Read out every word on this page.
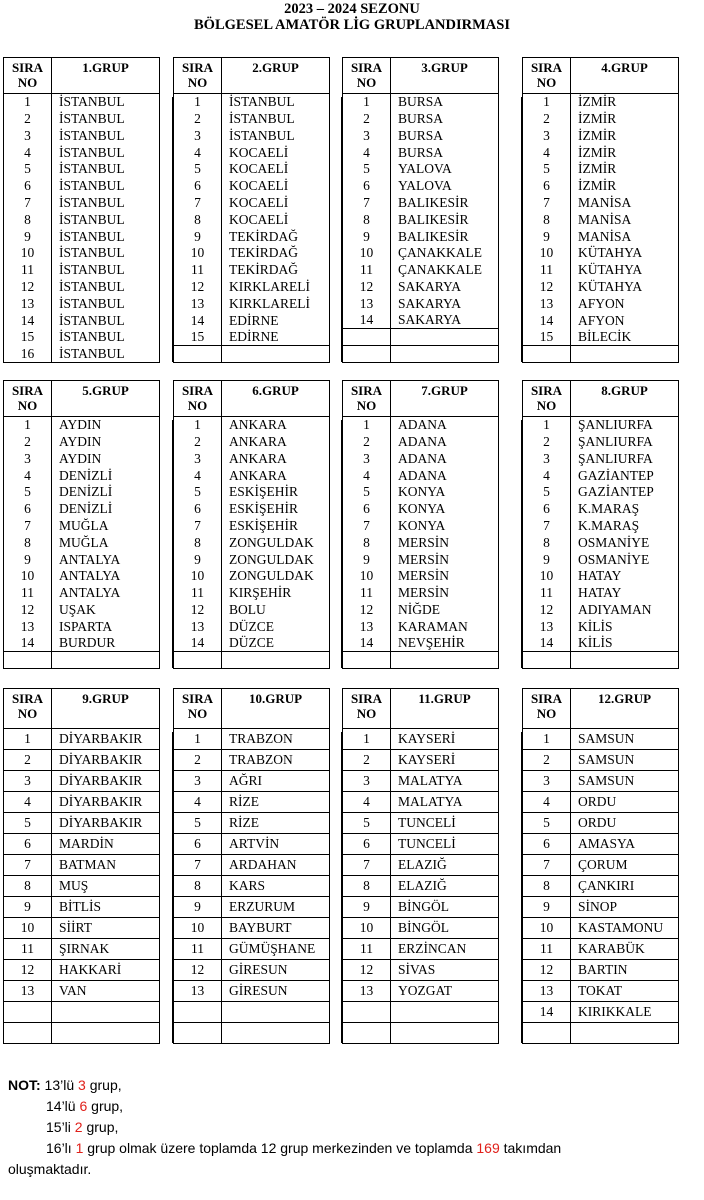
2023 – 2024 SEZONU
BÖLGESEL AMATÖR LİG GRUPLANDIRMASI
SIRA
NO	1.GRUP
1	İSTANBUL
2	İSTANBUL
3	İSTANBUL
4	İSTANBUL
5	İSTANBUL
6	İSTANBUL
7	İSTANBUL
8	İSTANBUL
9	İSTANBUL
10	İSTANBUL
11	İSTANBUL
12	İSTANBUL
13	İSTANBUL
14	İSTANBUL
15	İSTANBUL
16	İSTANBUL
SIRA
NO	2.GRUP
1	İSTANBUL
2	İSTANBUL
3	İSTANBUL
4	KOCAELİ
5	KOCAELİ
6	KOCAELİ
7	KOCAELİ
8	KOCAELİ
9	TEKİRDAĞ
10	TEKİRDAĞ
11	TEKİRDAĞ
12	KIRKLARELİ
13	KIRKLARELİ
14	EDİRNE
15	EDİRNE

SIRA
NO	3.GRUP
1	BURSA
2	BURSA
3	BURSA
4	BURSA
5	YALOVA
6	YALOVA
7	BALIKESİR
8	BALIKESİR
9	BALIKESİR
10	ÇANAKKALE
11	ÇANAKKALE
12	SAKARYA
13	SAKARYA
14	SAKARYA

SIRA
NO	4.GRUP
1	İZMİR
2	İZMİR
3	İZMİR
4	İZMİR
5	İZMİR
6	İZMİR
7	MANİSA
8	MANİSA
9	MANİSA
10	KÜTAHYA
11	KÜTAHYA
12	KÜTAHYA
13	AFYON
14	AFYON
15	BİLECİK

SIRA
NO	5.GRUP
1	AYDIN
2	AYDIN
3	AYDIN
4	DENİZLİ
5	DENİZLİ
6	DENİZLİ
7	MUĞLA
8	MUĞLA
9	ANTALYA
10	ANTALYA
11	ANTALYA
12	UŞAK
13	ISPARTA
14	BURDUR

SIRA
NO	6.GRUP
1	ANKARA
2	ANKARA
3	ANKARA
4	ANKARA
5	ESKİŞEHİR
6	ESKİŞEHİR
7	ESKİŞEHİR
8	ZONGULDAK
9	ZONGULDAK
10	ZONGULDAK
11	KIRŞEHİR
12	BOLU
13	DÜZCE
14	DÜZCE

SIRA
NO	7.GRUP
1	ADANA
2	ADANA
3	ADANA
4	ADANA
5	KONYA
6	KONYA
7	KONYA
8	MERSİN
9	MERSİN
10	MERSİN
11	MERSİN
12	NİĞDE
13	KARAMAN
14	NEVŞEHİR

SIRA
NO	8.GRUP
1	ŞANLIURFA
2	ŞANLIURFA
3	ŞANLIURFA
4	GAZİANTEP
5	GAZİANTEP
6	K.MARAŞ
7	K.MARAŞ
8	OSMANİYE
9	OSMANİYE
10	HATAY
11	HATAY
12	ADIYAMAN
13	KİLİS
14	KİLİS

SIRA
NO	9.GRUP
1	DİYARBAKIR
2	DİYARBAKIR
3	DİYARBAKIR
4	DİYARBAKIR
5	DİYARBAKIR
6	MARDİN
7	BATMAN
8	MUŞ
9	BİTLİS
10	SİİRT
11	ŞIRNAK
12	HAKKARİ
13	VAN

SIRA
NO	10.GRUP
1	TRABZON
2	TRABZON
3	AĞRI
4	RİZE
5	RİZE
6	ARTVİN
7	ARDAHAN
8	KARS
9	ERZURUM
10	BAYBURT
11	GÜMÜŞHANE
12	GİRESUN
13	GİRESUN

SIRA
NO	11.GRUP
1	KAYSERİ
2	KAYSERİ
3	MALATYA
4	MALATYA
5	TUNCELİ
6	TUNCELİ
7	ELAZIĞ
8	ELAZIĞ
9	BİNGÖL
10	BİNGÖL
11	ERZİNCAN
12	SİVAS
13	YOZGAT

SIRA
NO	12.GRUP
1	SAMSUN
2	SAMSUN
3	SAMSUN
4	ORDU
5	ORDU
6	AMASYA
7	ÇORUM
8	ÇANKIRI
9	SİNOP
10	KASTAMONU
11	KARABÜK
12	BARTIN
13	TOKAT
14	KIRIKKALE

NOT: 13’lü 3 grup,
14’lü 6 grup,
15’li 2 grup,
16’lı 1 grup olmak üzere toplamda 12 grup merkezinden ve toplamda 169 takımdan
oluşmaktadır.
